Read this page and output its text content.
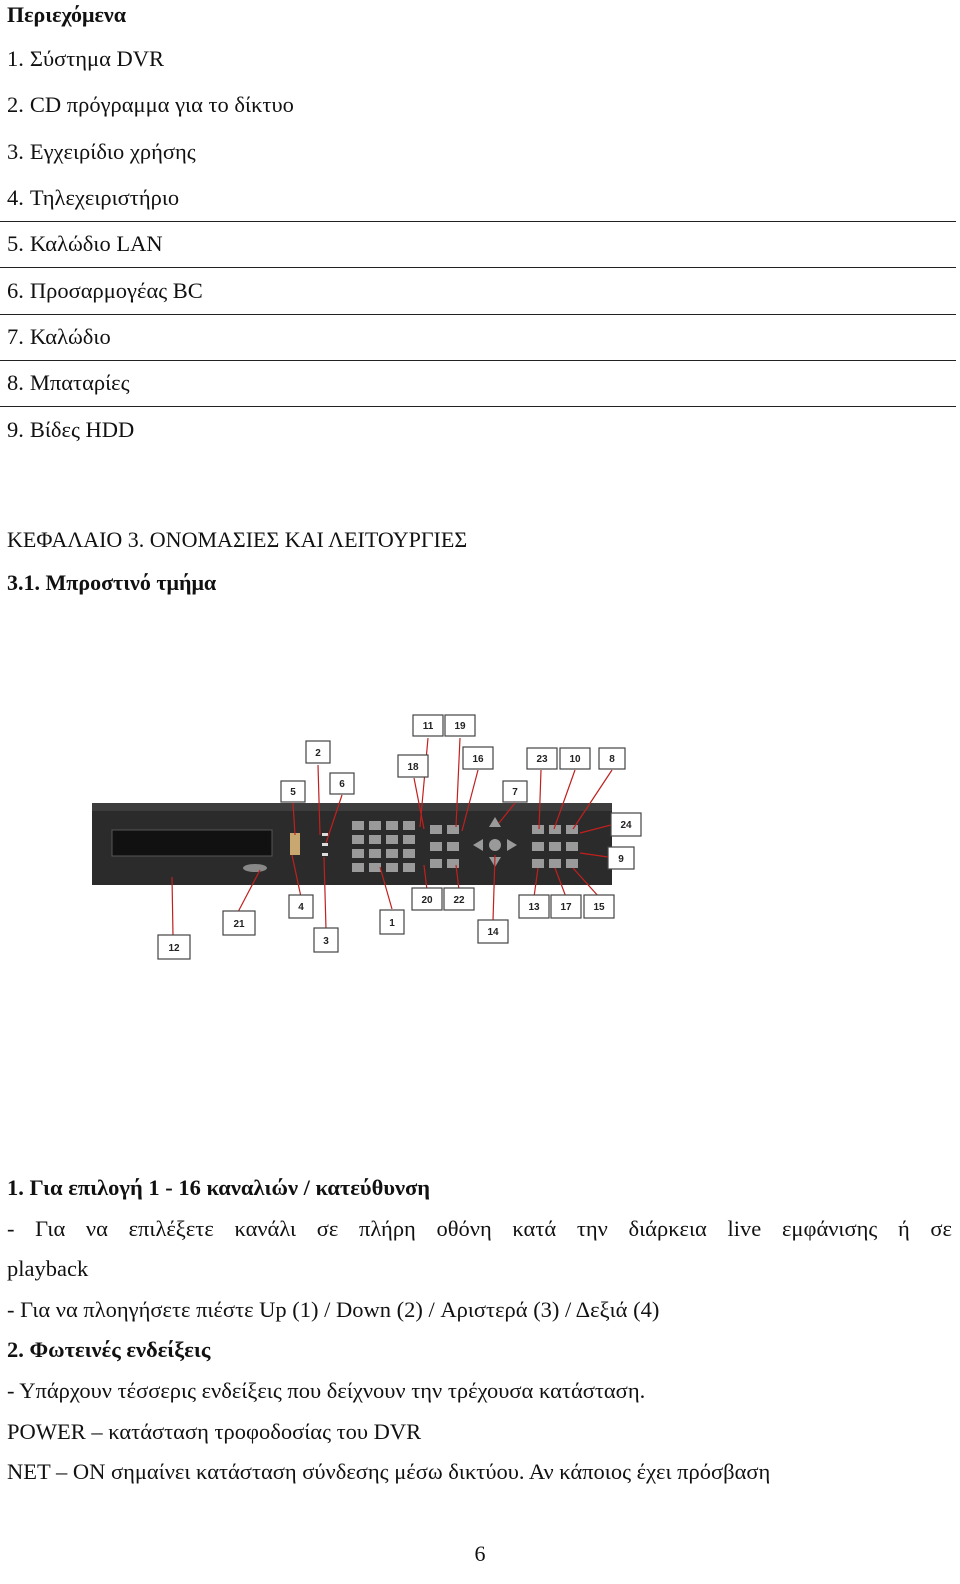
Περιεχόμενα
1. Σύστημα DVR
2. CD πρόγραμμα για το δίκτυο
3. Εγχειρίδιο χρήσης
4. Τηλεχειριστήριο
5. Καλώδιο LAN
6. Προσαρμογέας BC
7. Καλώδιο
8. Μπαταρίες
9. Βίδες HDD
ΚΕΦΑΛΑΙΟ 3. ΟΝΟΜΑΣΙΕΣ ΚΑΙ ΛΕΙΤΟΥΡΓΙΕΣ
3.1. Μπροστινό τμήμα
11 19
2
18
16	23 10	8
5
6
7
24
9
20 22
13 17 15
21
4
1
14
3
12
1. Για επιλογή 1 - 16 καναλιών / κατεύθυνση
- Για να επιλέξετε κανάλι σε πλήρη οθόνη κατά την διάρκεια live εμφάνισης ή σε
playback
- Για να πλοηγήσετε πιέστε Up (1) / Down (2) / Αριστερά (3) / Δεξιά (4)
2. Φωτεινές ενδείξεις
- Υπάρχουν τέσσερις ενδείξεις που δείχνουν την τρέχουσα κατάσταση.
POWER – κατάσταση τροφοδοσίας του DVR
NET – ON σημαίνει κατάσταση σύνδεσης μέσω δικτύου. Αν κάποιος έχει πρόσβαση
6
